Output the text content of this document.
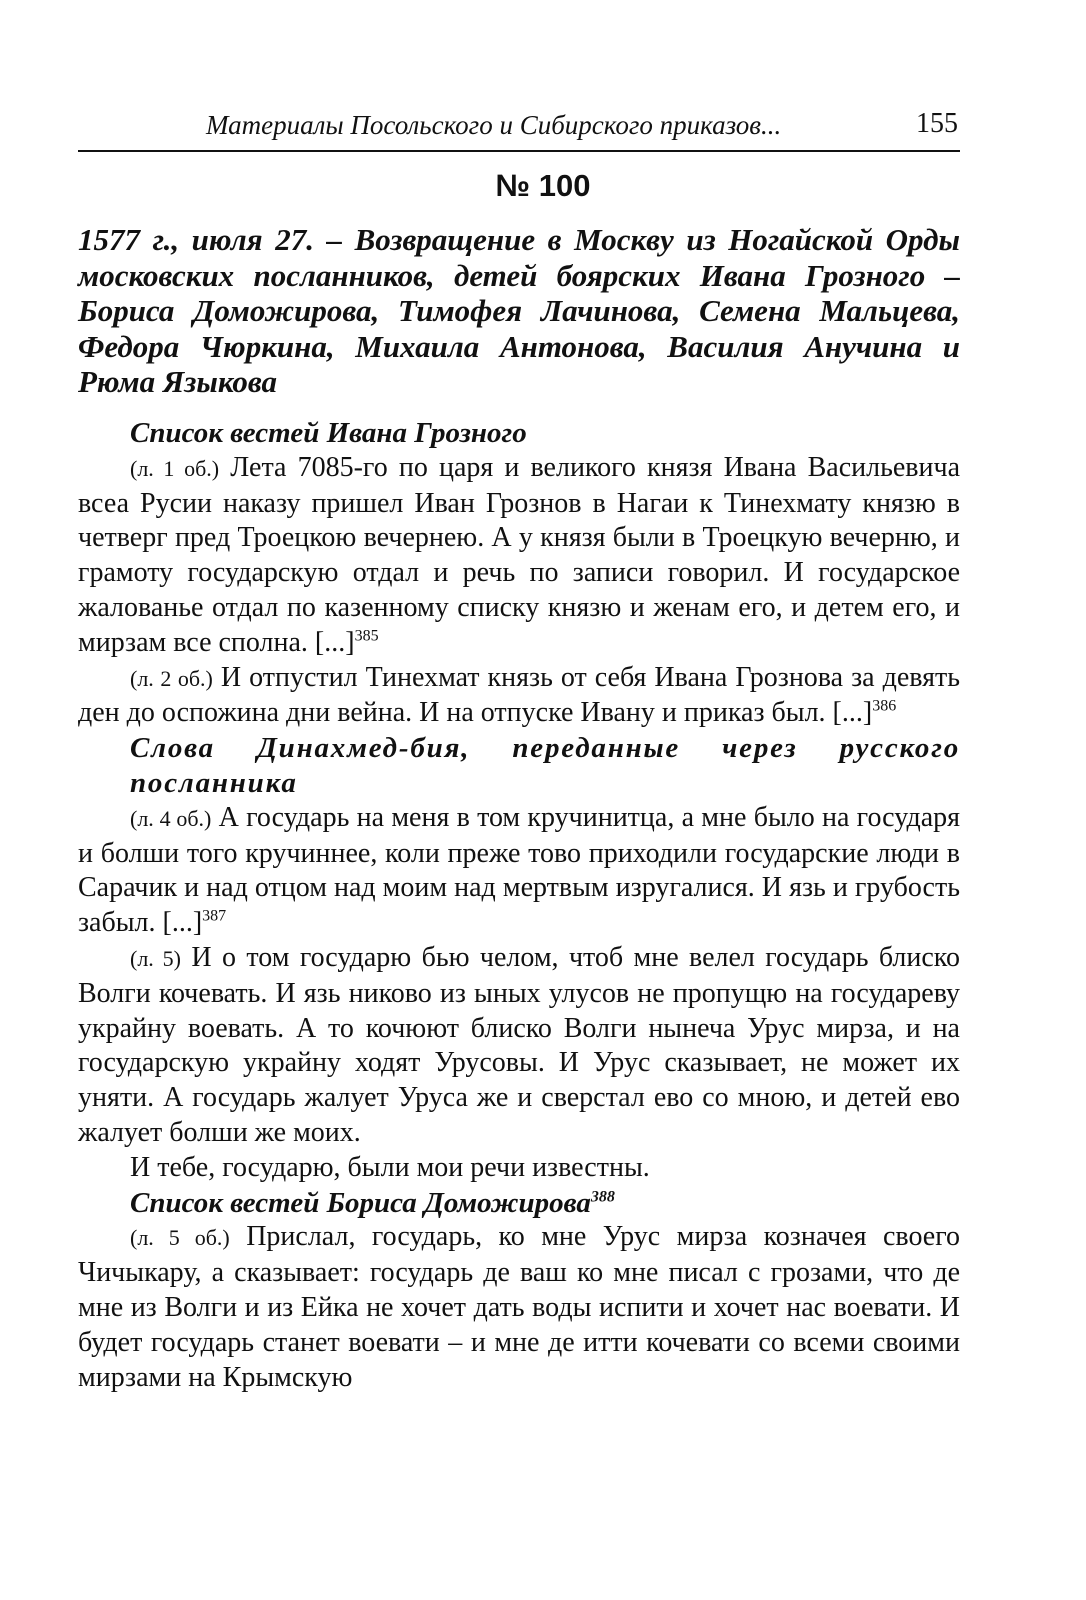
Материалы Посольского и Сибирского приказов...	155
№ 100
1577 г., июля 27. – Возвращение в Москву из Ногайской Орды московских посланников, детей боярских Ивана Грозного – Бориса Доможирова, Тимофея Лачинова, Семена Мальцева, Федора Чюркина, Михаила Антонова, Василия Анучина и Рюма Языкова

Список вестей Ивана Грозного

(л. 1 об.) Лета 7085-го по царя и великого князя Ивана Васильевича всеа Русии наказу пришел Иван Грознов в Нагаи к Тинехмату князю в четверг пред Троецкою вечернею. А у князя были в Троецкую вечерню, и грамоту государскую отдал и речь по записи говорил. И государское жалованье отдал по казенному списку князю и женам его, и детем его, и мирзам все сполна. [...]$^{385}$

(л. 2 об.) И отпустил Тинехмат князь от себя Ивана Грознова за девять ден до оспожина дни вейна. И на отпуске Ивану и приказ был. [...]$^{386}$

Слова Динахмед-бия, переданные через русского посланника

(л. 4 об.) А государь на меня в том кручинитца, а мне было на государя и болши того кручиннее, коли преже тово приходили государские люди в Сарачик и над отцом над моим над мертвым изругалися. И язь и грубость забыл. [...]$^{387}$

(л. 5) И о том государю бью челом, чтоб мне велел государь блиско Волги кочевать. И язь никово из ыных улусов не пропущю на государеву украйну воевать. А то кочюют блиско Волги нынеча Урус мирза, и на государскую украйну ходят Урусовы. И Урус сказывает, не может их уняти. А государь жалует Уруса же и сверстал ево со мною, и детей ево жалует болши же моих.

И тебе, государю, были мои речи известны.

Список вестей Бориса Доможирова$^{388}$

(л. 5 об.) Прислал, государь, ко мне Урус мирза козначея своего Чичыкару, а сказывает: государь де ваш ко мне писал с грозами, что де мне из Волги и из Ейка не хочет дать воды испити и хочет нас воевати. И будет государь станет воевати – и мне де итти кочевати со всеми своими мирзами на Крымскую
